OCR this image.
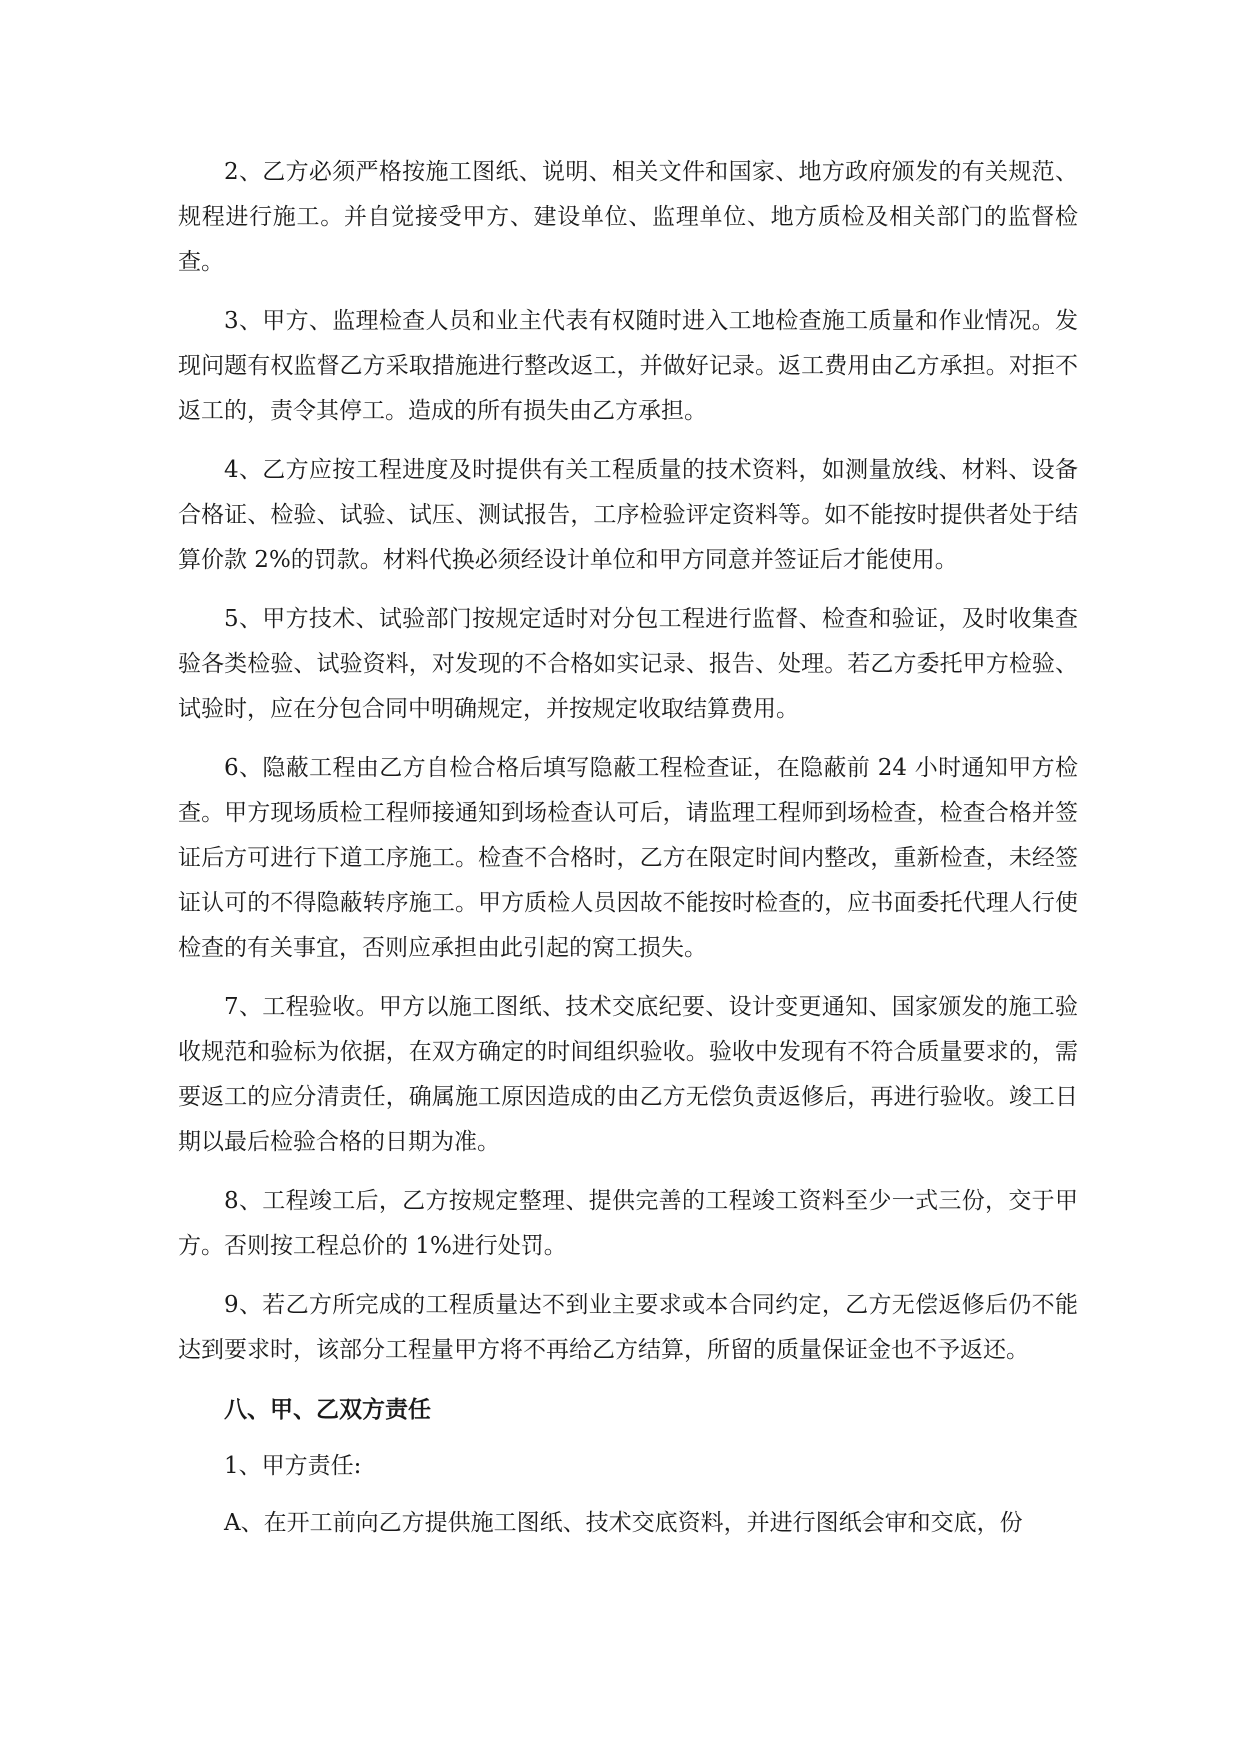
2、乙方必须严格按施工图纸、说明、相关文件和国家、地方政府颁发的有关规范、规程进行施工。并自觉接受甲方、建设单位、监理单位、地方质检及相关部门的监督检查。

3、甲方、监理检查人员和业主代表有权随时进入工地检查施工质量和作业情况。发现问题有权监督乙方采取措施进行整改返工，并做好记录。返工费用由乙方承担。对拒不返工的，责令其停工。造成的所有损失由乙方承担。

4、乙方应按工程进度及时提供有关工程质量的技术资料，如测量放线、材料、设备合格证、检验、试验、试压、测试报告，工序检验评定资料等。如不能按时提供者处于结算价款 2%的罚款。材料代换必须经设计单位和甲方同意并签证后才能使用。

5、甲方技术、试验部门按规定适时对分包工程进行监督、检查和验证，及时收集查验各类检验、试验资料，对发现的不合格如实记录、报告、处理。若乙方委托甲方检验、试验时，应在分包合同中明确规定，并按规定收取结算费用。

6、隐蔽工程由乙方自检合格后填写隐蔽工程检查证，在隐蔽前 24 小时通知甲方检查。甲方现场质检工程师接通知到场检查认可后，请监理工程师到场检查，检查合格并签证后方可进行下道工序施工。检查不合格时，乙方在限定时间内整改，重新检查，未经签证认可的不得隐蔽转序施工。甲方质检人员因故不能按时检查的，应书面委托代理人行使检查的有关事宜，否则应承担由此引起的窝工损失。

7、工程验收。甲方以施工图纸、技术交底纪要、设计变更通知、国家颁发的施工验收规范和验标为依据，在双方确定的时间组织验收。验收中发现有不符合质量要求的，需要返工的应分清责任，确属施工原因造成的由乙方无偿负责返修后，再进行验收。竣工日期以最后检验合格的日期为准。

8、工程竣工后，乙方按规定整理、提供完善的工程竣工资料至少一式三份，交于甲方。否则按工程总价的 1%进行处罚。

9、若乙方所完成的工程质量达不到业主要求或本合同约定，乙方无偿返修后仍不能达到要求时，该部分工程量甲方将不再给乙方结算，所留的质量保证金也不予返还。

八、甲、乙双方责任

1、甲方责任:

A、在开工前向乙方提供施工图纸、技术交底资料，并进行图纸会审和交底，份
